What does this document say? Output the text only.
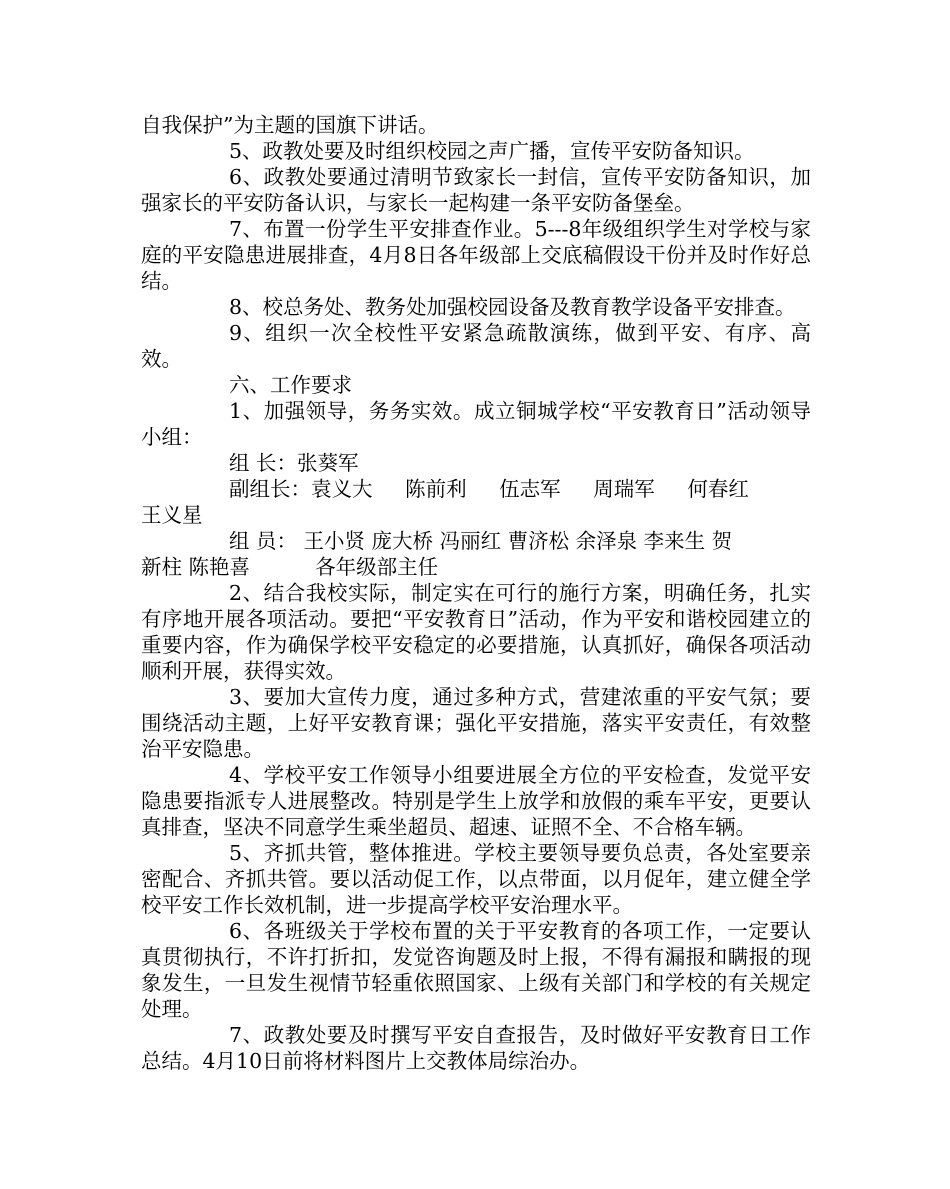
自我保护”为主题的国旗下讲话。

5、政教处要及时组织校园之声广播，宣传平安防备知识。

6、政教处要通过清明节致家长一封信，宣传平安防备知识，加强家长的平安防备认识，与家长一起构建一条平安防备堡垒。

7、布置一份学生平安排查作业。5---8年级组织学生对学校与家庭的平安隐患进展排查，4月8日各年级部上交底稿假设干份并及时作好总结。

8、校总务处、教务处加强校园设备及教育教学设备平安排查。

9、组织一次全校性平安紧急疏散演练，做到平安、有序、高效。

六、工作要求

1、加强领导，务务实效。成立铜城学校“平安教育日”活动领导小组：

组 长：张葵军

副组长：袁义大     陈前利     伍志军     周瑞军     何春红
王义星

组 员： 王小贤 庞大桥 冯丽红 曹济松 余泽泉 李来生 贺
新柱 陈艳喜          各年级部主任

2、结合我校实际，制定实在可行的施行方案，明确任务，扎实有序地开展各项活动。要把“平安教育日”活动，作为平安和谐校园建立的重要内容，作为确保学校平安稳定的必要措施，认真抓好，确保各项活动顺利开展，获得实效。

3、要加大宣传力度，通过多种方式，营建浓重的平安气氛；要围绕活动主题，上好平安教育课；强化平安措施，落实平安责任，有效整治平安隐患。

4、学校平安工作领导小组要进展全方位的平安检查，发觉平安隐患要指派专人进展整改。特别是学生上放学和放假的乘车平安，更要认真排查，坚决不同意学生乘坐超员、超速、证照不全、不合格车辆。

5、齐抓共管，整体推进。学校主要领导要负总责，各处室要亲密配合、齐抓共管。要以活动促工作，以点带面，以月促年，建立健全学校平安工作长效机制，进一步提高学校平安治理水平。

6、各班级关于学校布置的关于平安教育的各项工作，一定要认真贯彻执行，不许打折扣，发觉咨询题及时上报，不得有漏报和瞒报的现象发生，一旦发生视情节轻重依照国家、上级有关部门和学校的有关规定处理。

7、政教处要及时撰写平安自查报告，及时做好平安教育日工作总结。4月10日前将材料图片上交教体局综治办。
